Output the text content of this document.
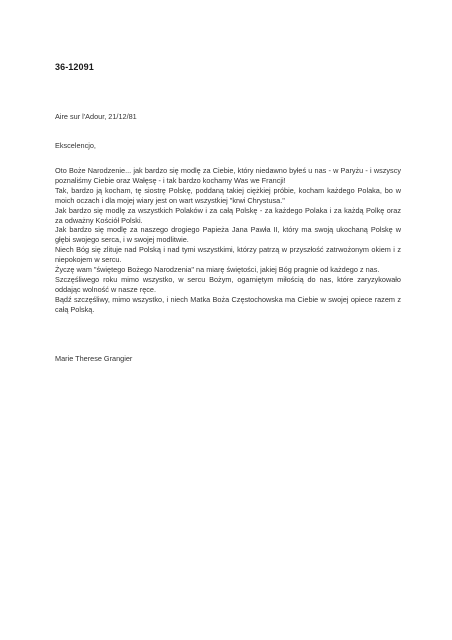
36-12091
Aire sur l'Adour, 21/12/81
Ekscelencjo,

Oto Boże Narodzenie... jak bardzo się modlę za Ciebie, który niedawno byłeś u nas - w Paryżu - i wszyscy poznaliśmy Ciebie oraz Wałęsę - i tak bardzo kochamy Was we Francji!

Tak, bardzo ją kocham, tę siostrę Polskę, poddaną takiej ciężkiej próbie, kocham każdego Polaka, bo w moich oczach i dla mojej wiary jest on wart wszystkiej "krwi Chrystusa."

Jak bardzo się modlę za wszystkich Polaków i za całą Polskę - za każdego Polaka i za każdą Polkę oraz za odważny Kościół Polski.

Jak bardzo się modlę za naszego drogiego Papieża Jana Pawła II, który ma swoją ukochaną Polskę w głębi swojego serca, i w swojej modlitwie.

Niech Bóg się zlituje nad Polską i nad tymi wszystkimi, którzy patrzą w przyszłość zatrwożonym okiem i z niepokojem w sercu.

Życzę wam "świętego Bożego Narodzenia" na miarę świętości, jakiej Bóg pragnie od każdego z nas.

Szczęśliwego roku mimo wszystko, w sercu Bożym, ogarniętym miłością do nas, które zaryzykowało oddając wolność w nasze ręce.

Bądź szczęśliwy, mimo wszystko, i niech Matka Boża Częstochowska ma Ciebie w swojej opiece razem z całą Polską.

Marie Therese Grangier
